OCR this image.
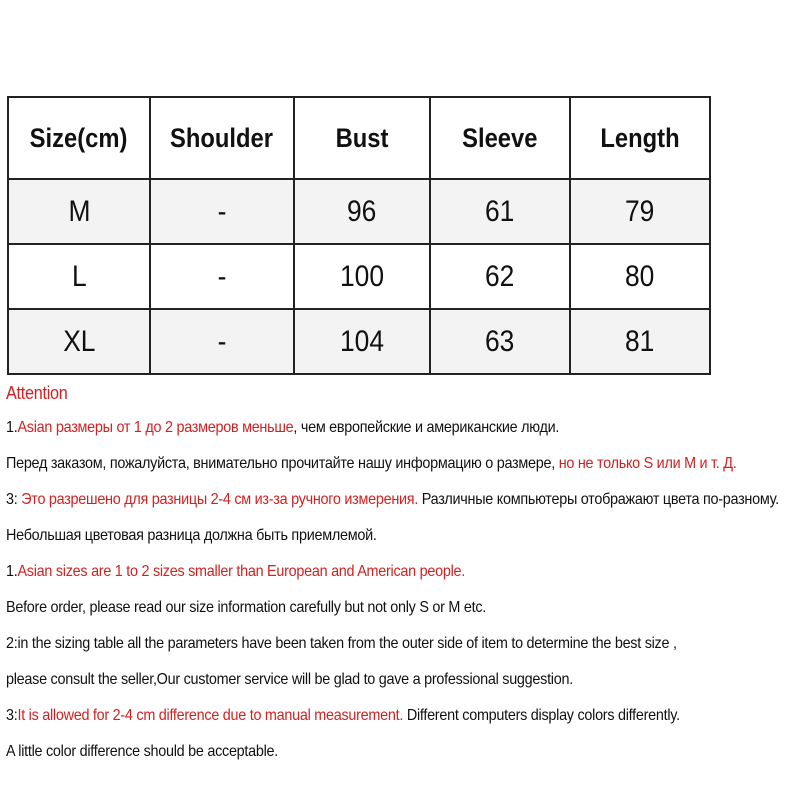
Size(cm)	Shoulder	Bust	Sleeve	Length
M	-	96	61	79
L	-	100	62	80
XL	-	104	63	81
Attention
1.Asian размеры от 1 до 2 размеров меньше, чем европейские и американские люди.
Перед заказом, пожалуйста, внимательно прочитайте нашу информацию о размере, но не только S или M и т. Д.
3: Это разрешено для разницы 2-4 см из-за ручного измерения. Различные компьютеры отображают цвета по-разному.
Небольшая цветовая разница должна быть приемлемой.
1.Asian sizes are 1 to 2 sizes smaller than European and American people.
Before order, please read our size information carefully but not only S or M etc.
2:in the sizing table all the parameters have been taken from the outer side of item to determine the best size ,
please consult the seller,Our customer service will be glad to gave a professional suggestion.
3:It is allowed for 2-4 cm difference due to manual measurement. Different computers display colors differently.
A little color difference should be acceptable.
